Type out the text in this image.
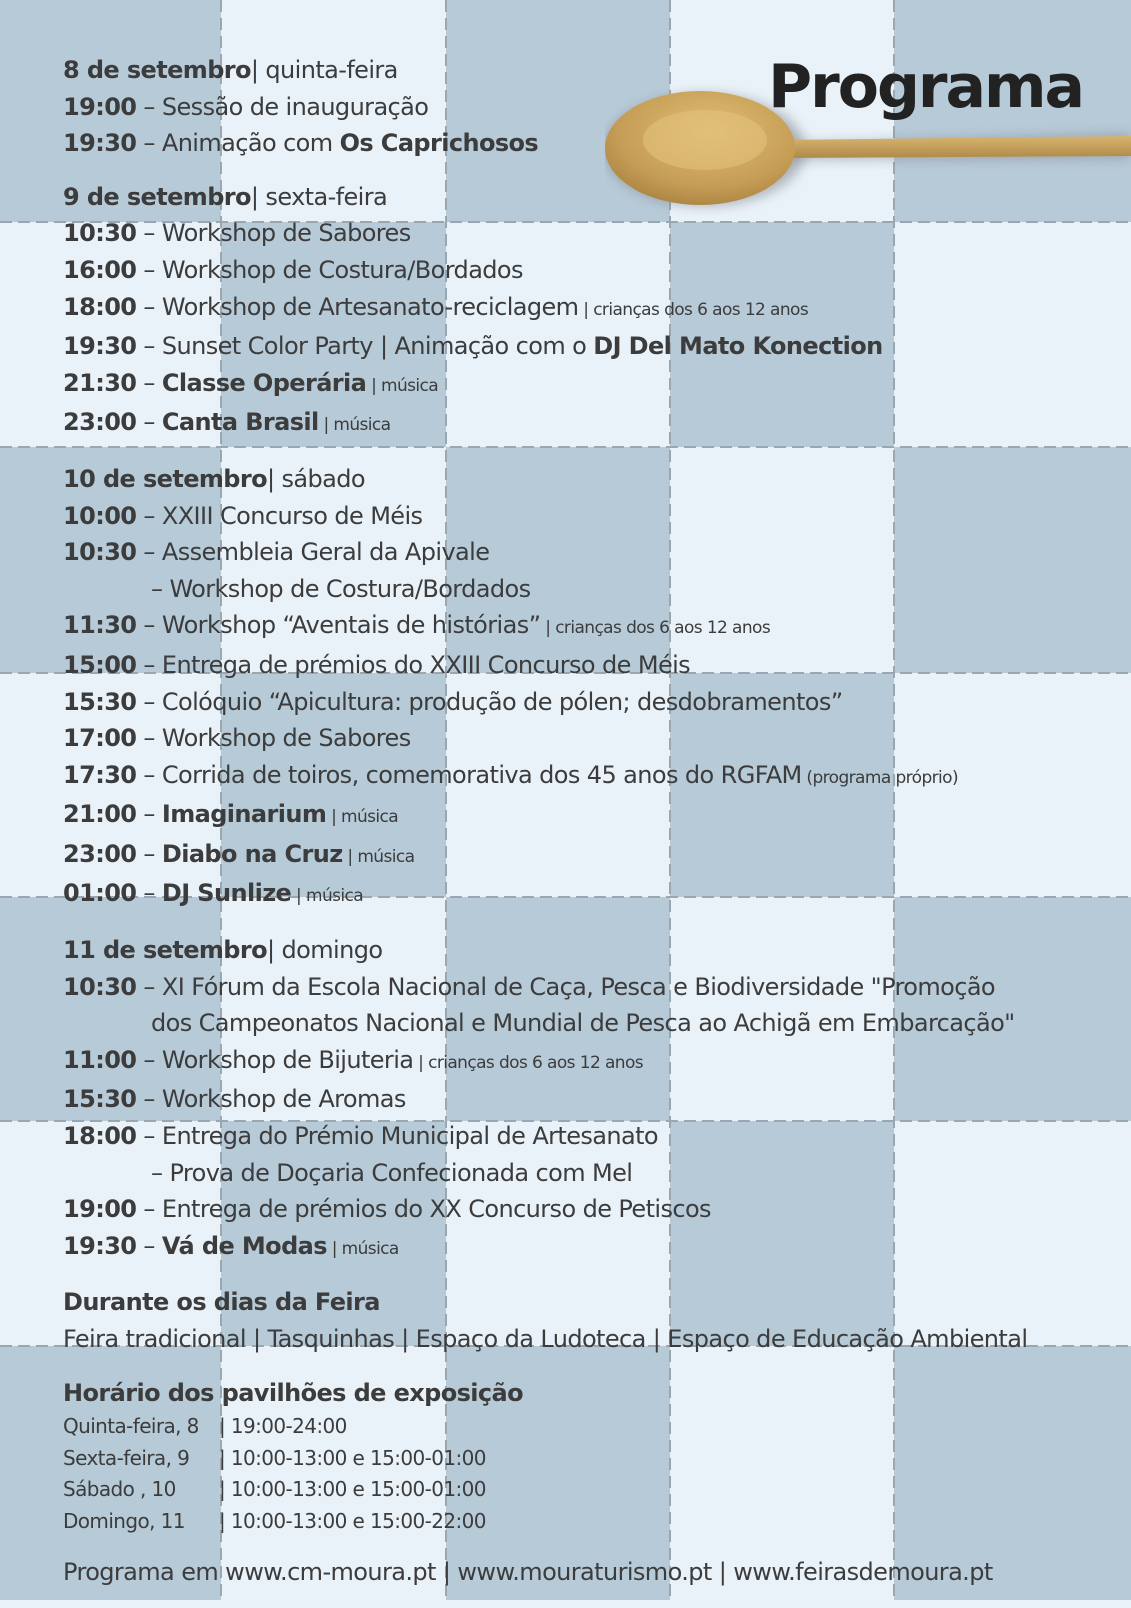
Programa
8 de setembro| quinta-feira
19:00 – Sessão de inauguração
19:30 – Animação com Os Caprichosos
9 de setembro| sexta-feira
10:30 – Workshop de Sabores
16:00 – Workshop de Costura/Bordados
18:00 – Workshop de Artesanato-reciclagem | crianças dos 6 aos 12 anos
19:30 – Sunset Color Party | Animação com o DJ Del Mato Konection
21:30 – Classe Operária | música
23:00 – Canta Brasil | música
10 de setembro| sábado
10:00 – XXIII Concurso de Méis
10:30 – Assembleia Geral da Apivale
– Workshop de Costura/Bordados
11:30 – Workshop “Aventais de histórias” | crianças dos 6 aos 12 anos
15:00 – Entrega de prémios do XXIII Concurso de Méis
15:30 – Colóquio “Apicultura: produção de pólen; desdobramentos”
17:00 – Workshop de Sabores
17:30 – Corrida de toiros, comemorativa dos 45 anos do RGFAM (programa próprio)
21:00 – Imaginarium | música
23:00 – Diabo na Cruz | música
01:00 – DJ Sunlize | música
11 de setembro| domingo
10:30 – XI Fórum da Escola Nacional de Caça, Pesca e Biodiversidade "Promoção
dos Campeonatos Nacional e Mundial de Pesca ao Achigã em Embarcação"
11:00 – Workshop de Bijuteria | crianças dos 6 aos 12 anos
15:30 – Workshop de Aromas
18:00 – Entrega do Prémio Municipal de Artesanato
– Prova de Doçaria Confecionada com Mel
19:00 – Entrega de prémios do XX Concurso de Petiscos
19:30 – Vá de Modas | música
Durante os dias da Feira
Feira tradicional | Tasquinhas | Espaço da Ludoteca | Espaço de Educação Ambiental
Horário dos pavilhões de exposição
Quinta-feira, 8 | 19:00-24:00
Sexta-feira, 9 | 10:00-13:00 e 15:00-01:00
Sábado , 10 | 10:00-13:00 e 15:00-01:00
Domingo, 11 | 10:00-13:00 e 15:00-22:00
Programa em www.cm-moura.pt | www.mouraturismo.pt | www.feirasdemoura.pt
